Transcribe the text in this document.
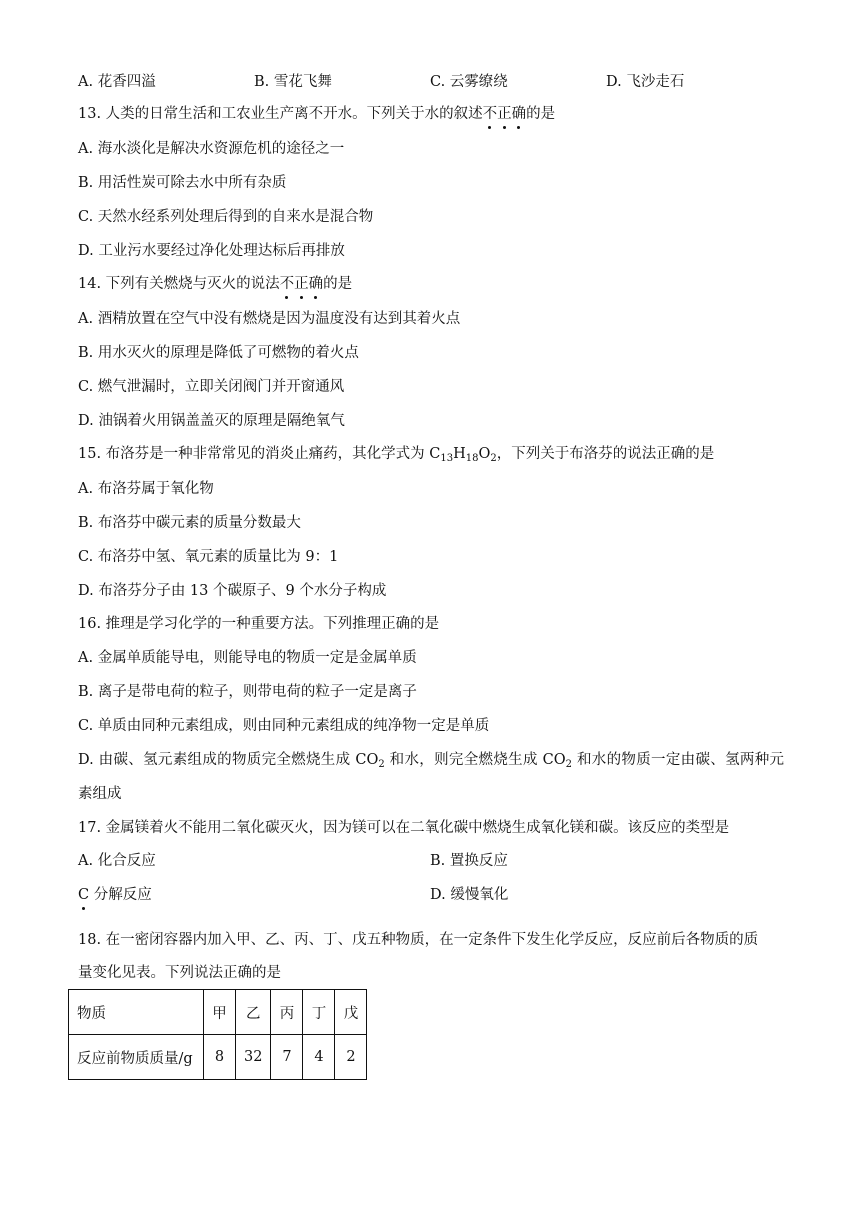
A. 花香四溢	B. 雪花飞舞	C. 云雾缭绕	D. 飞沙走石
13. 人类的日常生活和工农业生产离不开水。下列关于水的叙述不正确的是
A. 海水淡化是解决水资源危机的途径之一
B. 用活性炭可除去水中所有杂质
C. 天然水经系列处理后得到的自来水是混合物
D. 工业污水要经过净化处理达标后再排放
14. 下列有关燃烧与灭火的说法不正确的是
A. 酒精放置在空气中没有燃烧是因为温度没有达到其着火点
B. 用水灭火的原理是降低了可燃物的着火点
C. 燃气泄漏时，立即关闭阀门并开窗通风
D. 油锅着火用锅盖盖灭的原理是隔绝氧气
15. 布洛芬是一种非常常见的消炎止痛药，其化学式为 $C_{13}H_{18}O_2$，下列关于布洛芬的说法正确的是
A. 布洛芬属于氧化物
B. 布洛芬中碳元素的质量分数最大
C. 布洛芬中氢、氧元素的质量比为 9：1
D. 布洛芬分子由 13 个碳原子、9 个水分子构成
16. 推理是学习化学的一种重要方法。下列推理正确的是
A. 金属单质能导电，则能导电的物质一定是金属单质
B. 离子是带电荷的粒子，则带电荷的粒子一定是离子
C. 单质由同种元素组成，则由同种元素组成的纯净物一定是单质
D. 由碳、氢元素组成的物质完全燃烧生成 $CO_2$ 和水，则完全燃烧生成 $CO_2$ 和水的物质一定由碳、氢两种元
素组成
17. 金属镁着火不能用二氧化碳灭火，因为镁可以在二氧化碳中燃烧生成氧化镁和碳。该反应的类型是
A. 化合反应	B. 置换反应
C 分解反应	D. 缓慢氧化
18. 在一密闭容器内加入甲、乙、丙、丁、戊五种物质，在一定条件下发生化学反应，反应前后各物质的质
量变化见表。下列说法正确的是
物质	甲	乙	丙	丁	戊
反应前物质质量/g	8	32	7	4	2
